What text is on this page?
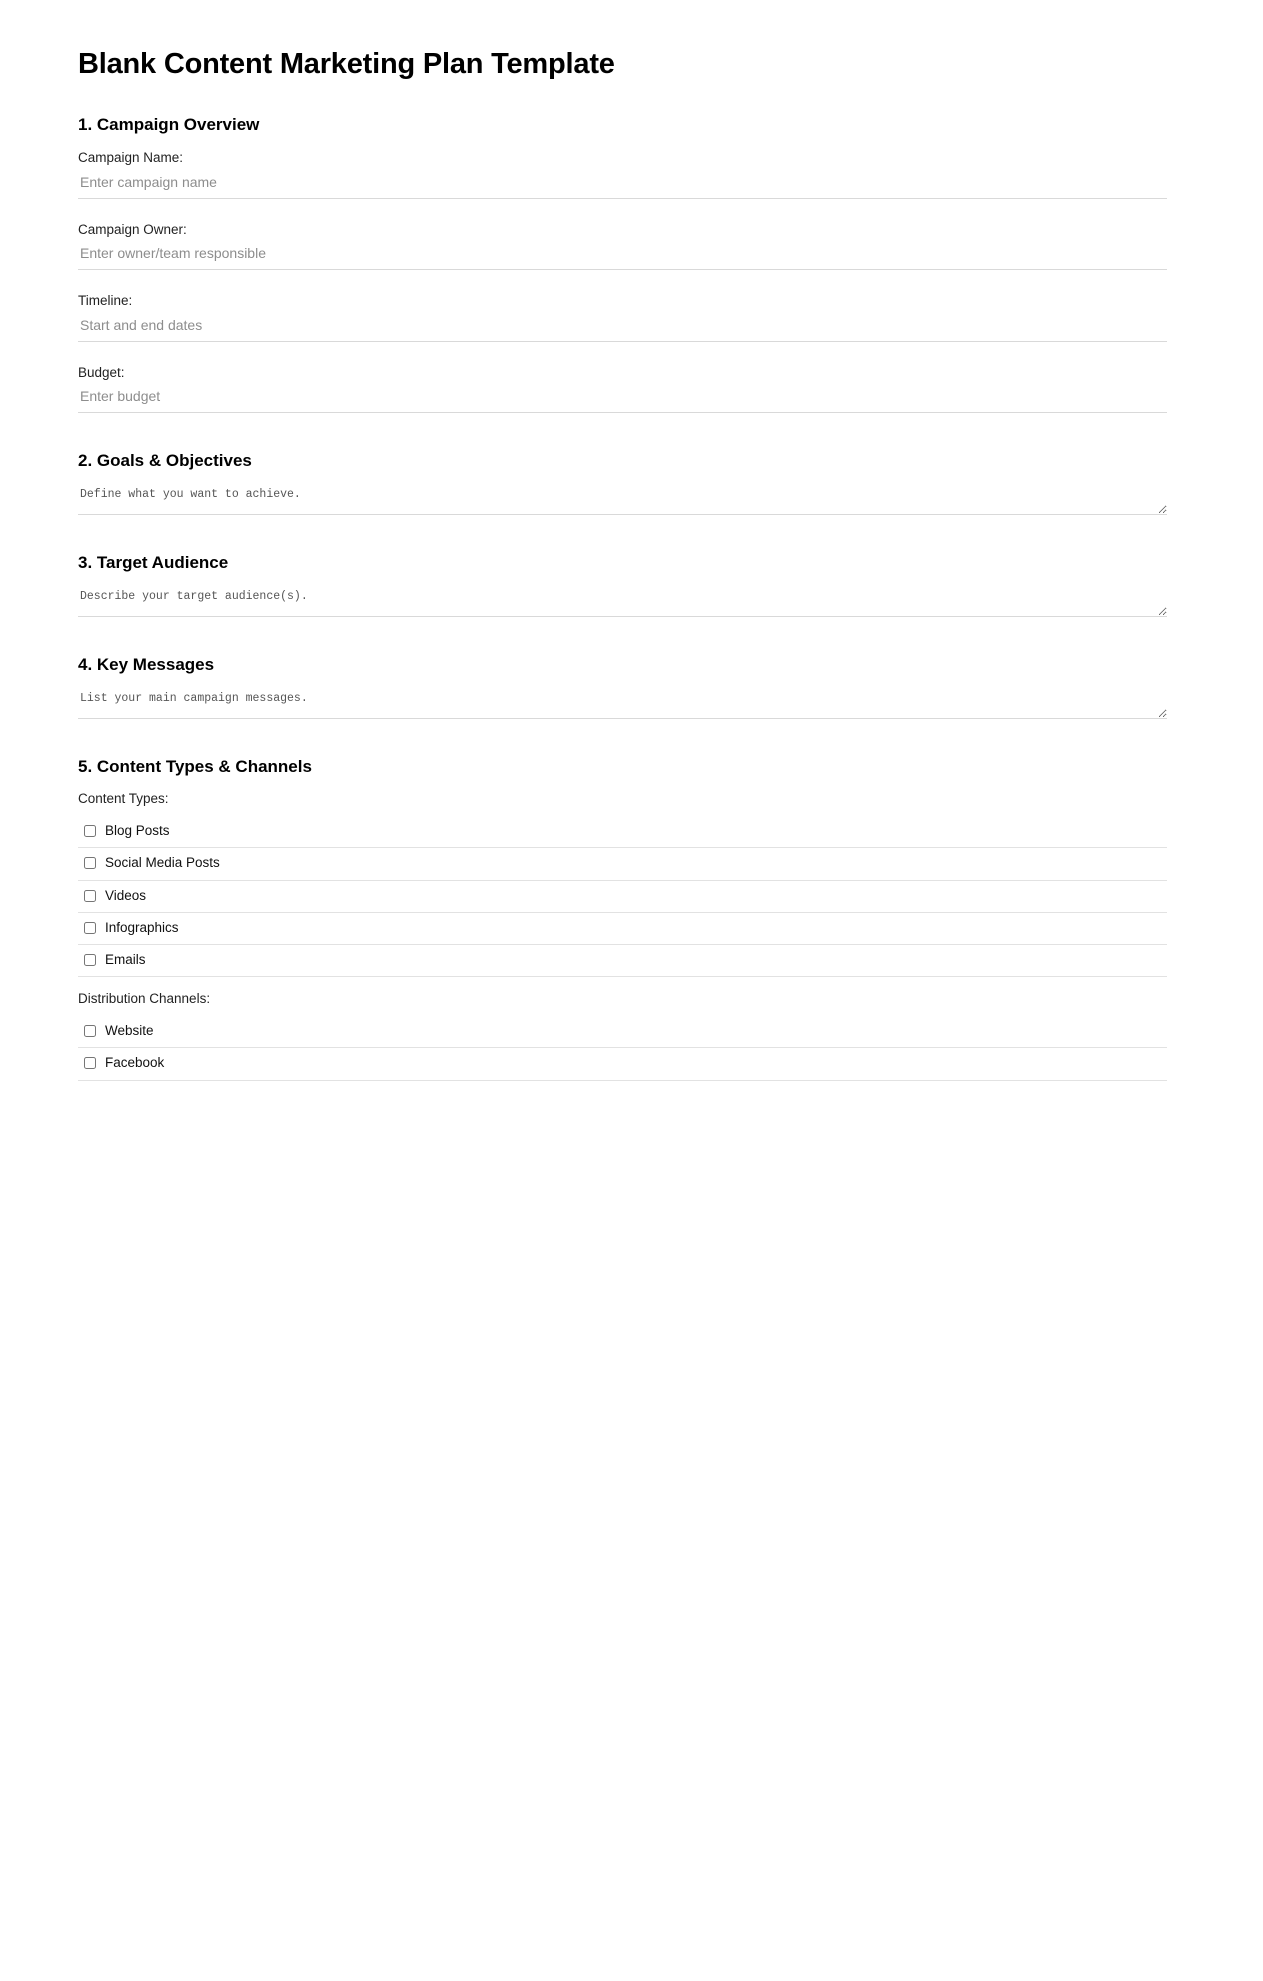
Blank Content Marketing Plan Template
1. Campaign Overview
Campaign Name:
Enter campaign name
Campaign Owner:
Enter owner/team responsible
Timeline:
Start and end dates
Budget:
Enter budget
2. Goals & Objectives
Define what you want to achieve.
3. Target Audience
Describe your target audience(s).
4. Key Messages
List your main campaign messages.
5. Content Types & Channels
Content Types:
Blog Posts
Social Media Posts
Videos
Infographics
Emails
Distribution Channels:
Website
Facebook
